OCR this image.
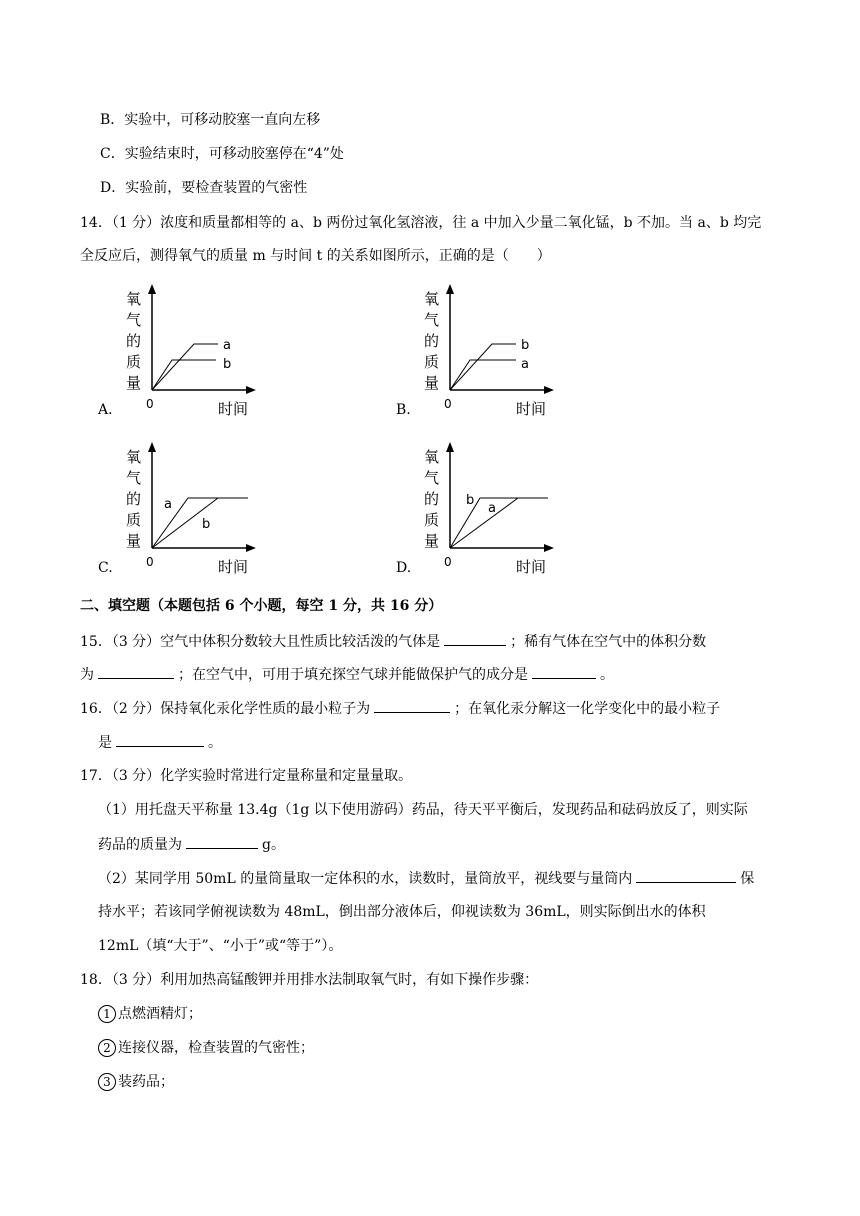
B．实验中，可移动胶塞一直向左移
C．实验结束时，可移动胶塞停在“4”处
D．实验前，要检查装置的气密性
14．（1 分）浓度和质量都相等的 a、b 两份过氧化氢溶液，往 a 中加入少量二氧化锰，b 不加。当 a、b 均完
全反应后，测得氧气的质量 m 与时间 t 的关系如图所示，正确的是（　　）
氧
气
的
质
量
a
b
0	时间
A.
氧
气
的
质
量
b
a
0	时间
B.
氧
气
的
质
量
a
b
0	时间
C.
氧
气
的
质
量
b
a
0	时间
D.
二、填空题（本题包括 6 个小题，每空 1 分，共 16 分）
15．（3 分）空气中体积分数较大且性质比较活泼的气体是	；稀有气体在空气中的体积分数
为	；在空气中，可用于填充探空气球并能做保护气的成分是	。
16．（2 分）保持氧化汞化学性质的最小粒子为	；在氧化汞分解这一化学变化中的最小粒子
是	。
17．（3 分）化学实验时常进行定量称量和定量量取。
（1）用托盘天平称量 13.4g（1g 以下使用游码）药品，待天平平衡后，发现药品和砝码放反了，则实际
药品的质量为	g。
（2）某同学用 50mL 的量筒量取一定体积的水，读数时，量筒放平，视线要与量筒内	保
持水平；若该同学俯视读数为 48mL，倒出部分液体后，仰视读数为 36mL，则实际倒出水的体积
12mL（填“大于”、“小于”或“等于”）。
18．（3 分）利用加热高锰酸钾并用排水法制取氧气时，有如下操作步骤：
1 点燃酒精灯；
2 连接仪器，检查装置的气密性；
3 装药品；
